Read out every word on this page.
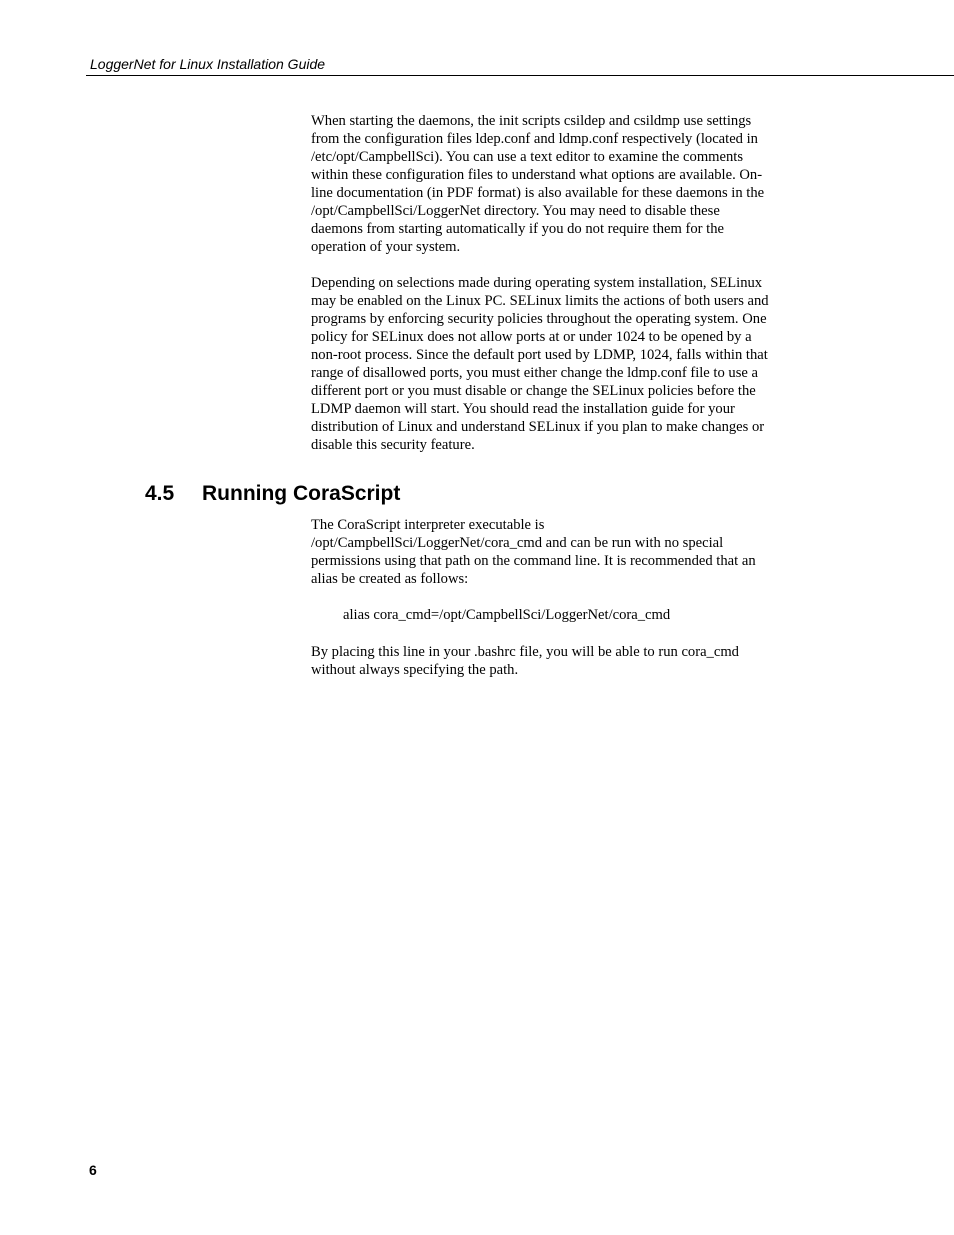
LoggerNet for Linux Installation Guide

When starting the daemons, the init scripts csildep and csildmp use settings
from the configuration files ldep.conf and ldmp.conf respectively (located in
/etc/opt/CampbellSci). You can use a text editor to examine the comments
within these configuration files to understand what options are available. On-
line documentation (in PDF format) is also available for these daemons in the
/opt/CampbellSci/LoggerNet directory. You may need to disable these
daemons from starting automatically if you do not require them for the
operation of your system.

Depending on selections made during operating system installation, SELinux
may be enabled on the Linux PC. SELinux limits the actions of both users and
programs by enforcing security policies throughout the operating system. One
policy for SELinux does not allow ports at or under 1024 to be opened by a
non-root process. Since the default port used by LDMP, 1024, falls within that
range of disallowed ports, you must either change the ldmp.conf file to use a
different port or you must disable or change the SELinux policies before the
LDMP daemon will start. You should read the installation guide for your
distribution of Linux and understand SELinux if you plan to make changes or
disable this security feature.

4.5 Running CoraScript

The CoraScript interpreter executable is
/opt/CampbellSci/LoggerNet/cora_cmd and can be run with no special
permissions using that path on the command line. It is recommended that an
alias be created as follows:

alias cora_cmd=/opt/CampbellSci/LoggerNet/cora_cmd

By placing this line in your .bashrc file, you will be able to run cora_cmd
without always specifying the path.

6
